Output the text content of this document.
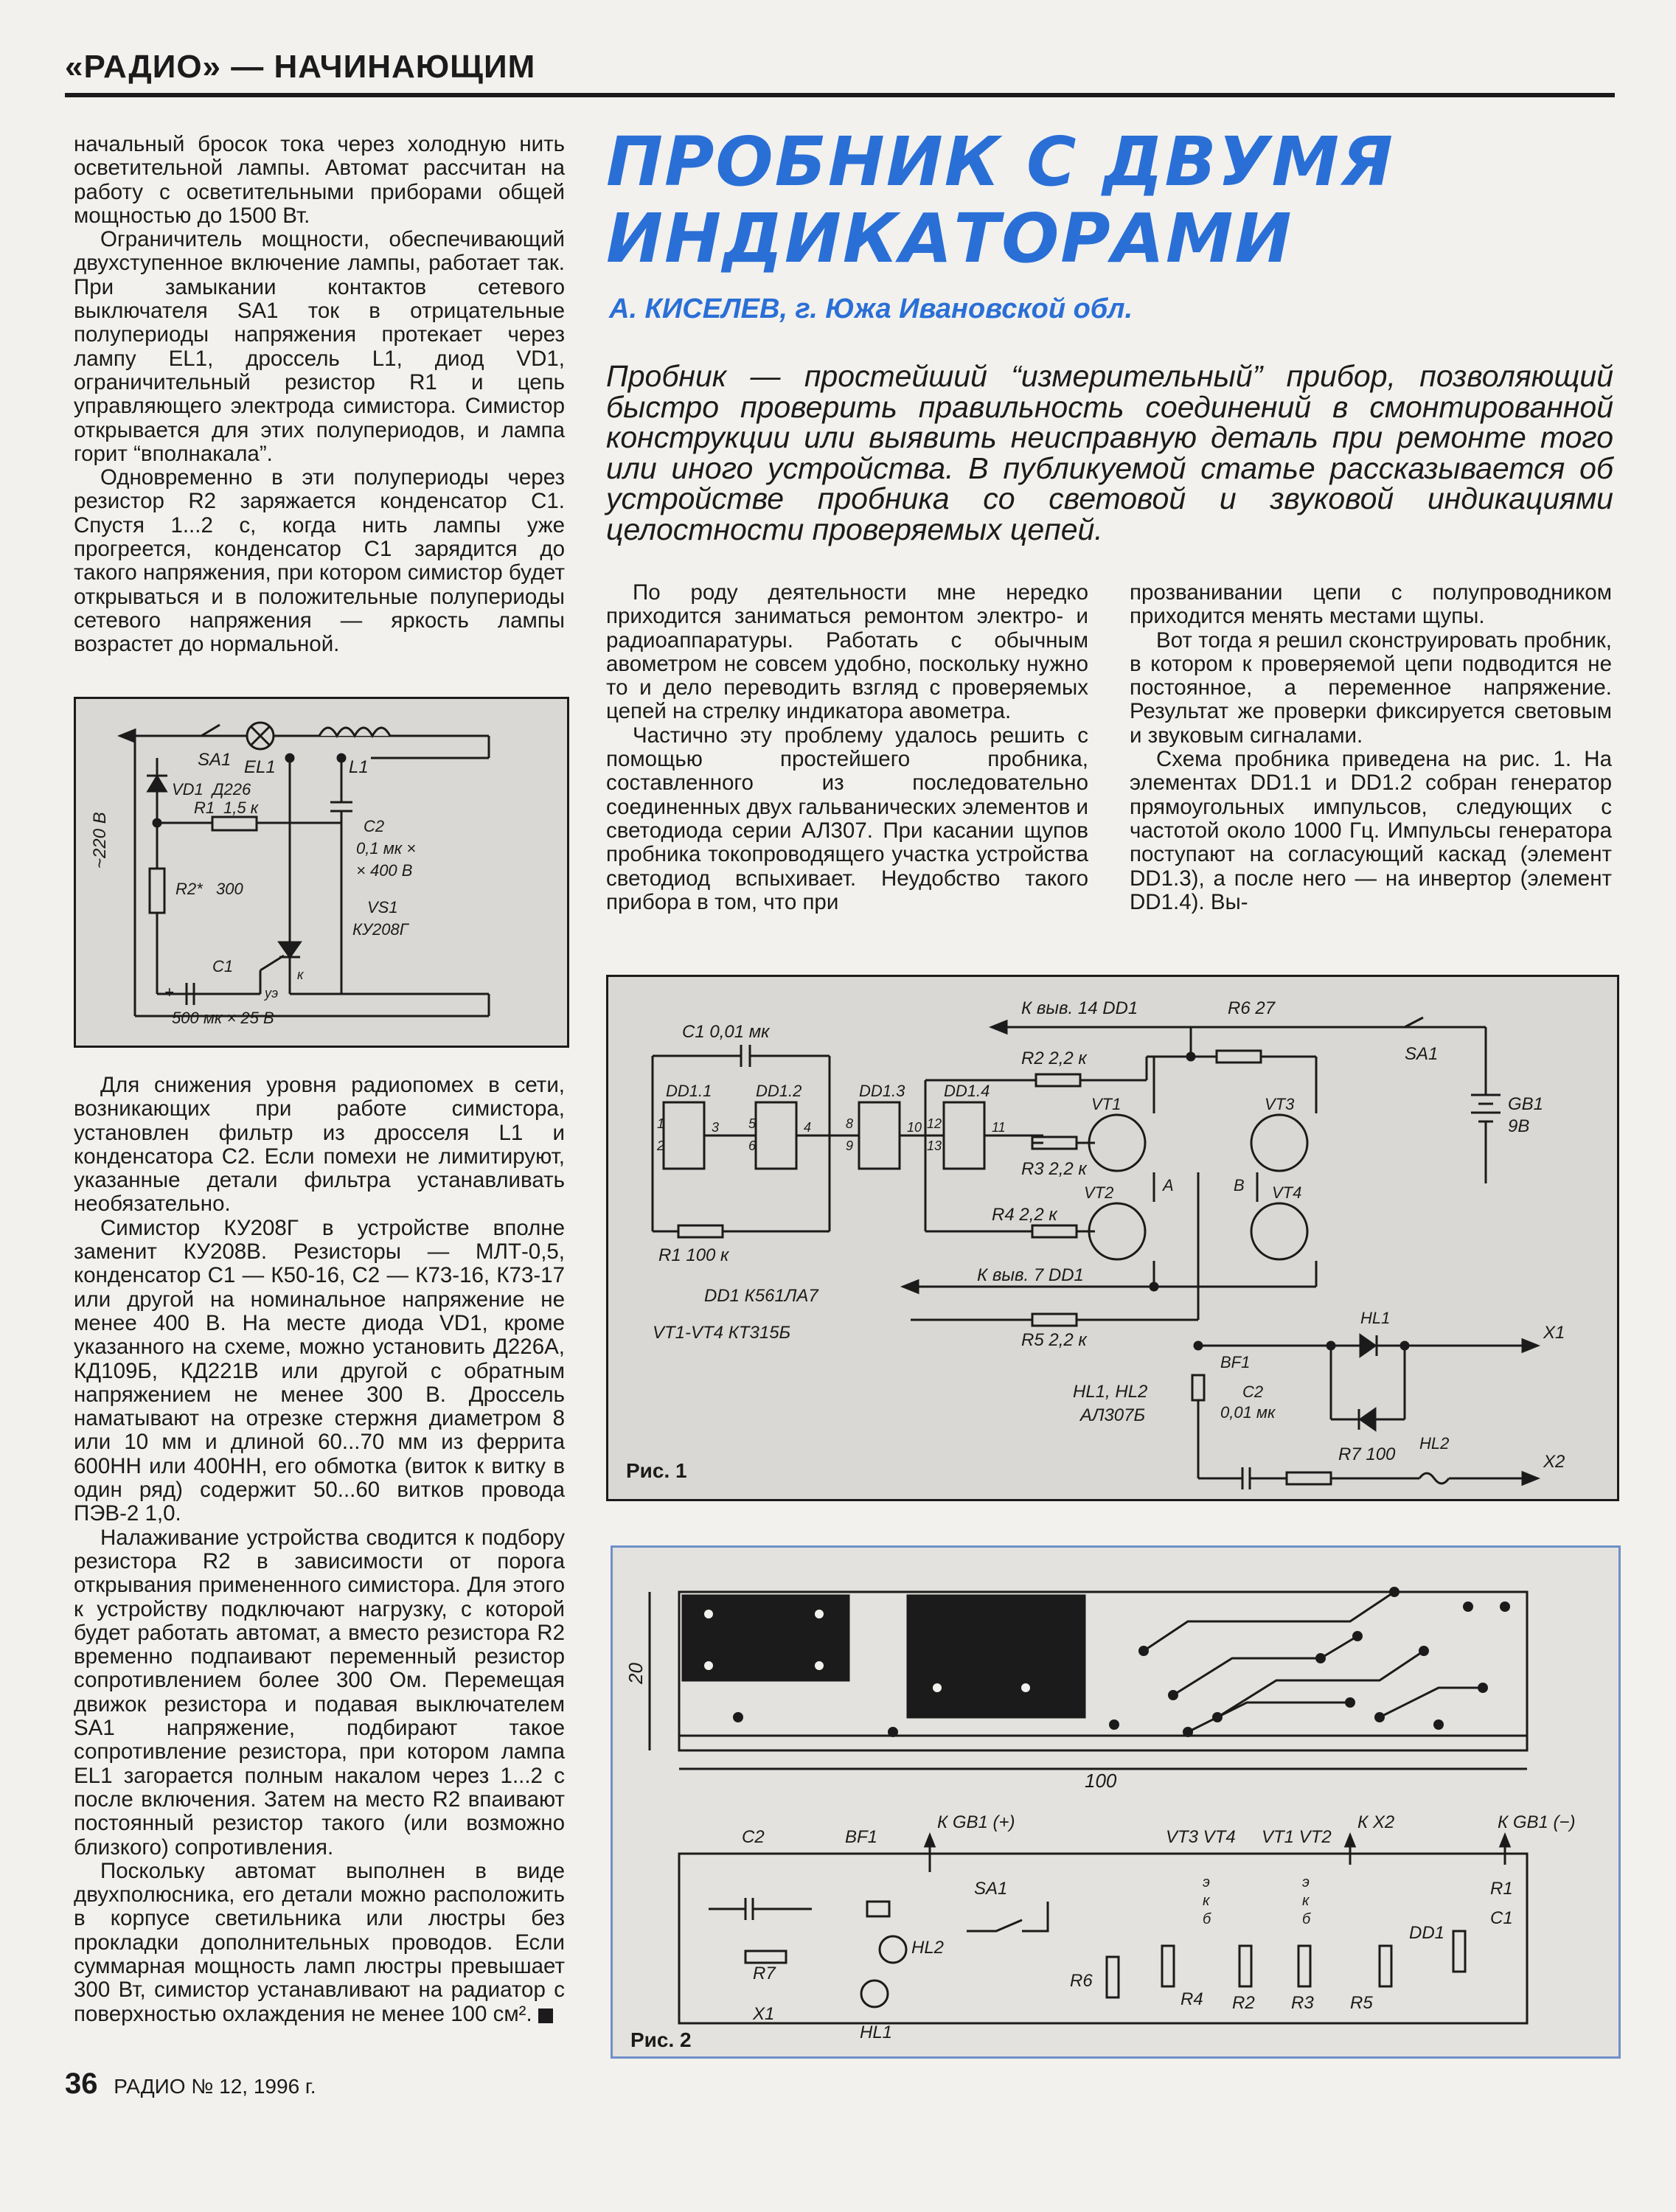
«РАДИО» — НАЧИНАЮЩИМ

начальный бросок тока через холодную нить осветительной лампы. Автомат рассчитан на работу с осветительными приборами общей мощностью до 1500 Вт.

Ограничитель мощности, обеспечивающий двухступенное включение лампы, работает так. При замыкании контактов сетевого выключателя SA1 ток в отрицательные полупериоды напряжения протекает через лампу EL1, дроссель L1, диод VD1, ограничительный резистор R1 и цепь управляющего электрода симистора. Симистор открывается для этих полупериодов, и лампа горит “вполнакала”.

Одновременно в эти полупериоды через резистор R2 заряжается конденсатор C1. Спустя 1...2 с, когда нить лампы уже прогреется, конденсатор C1 зарядится до такого напряжения, при котором симистор будет открываться и в положительные полупериоды сетевого напряжения — яркость лампы возрастет до нормальной.

SA1 EL1	L1
~220 В
VD1 Д226
R1 1,5 к
R2* 300
C2
0,1 мк ×
× 400 В
VS1
КУ208Г
C1
500 мк × 25 В
уэ
к
+

Для снижения уровня радиопомех в сети, возникающих при работе симистора, установлен фильтр из дросселя L1 и конденсатора C2. Если помехи не лимитируют, указанные детали фильтра устанавливать необязательно.

Симистор КУ208Г в устройстве вполне заменит КУ208В. Резисторы — МЛТ-0,5, конденсатор C1 — К50-16, C2 — К73-16, К73-17 или другой на номинальное напряжение не менее 400 В. На месте диода VD1, кроме указанного на схеме, можно установить Д226А, КД109Б, КД221В или другой с обратным напряжением не менее 300 В. Дроссель наматывают на отрезке стержня диаметром 8 или 10 мм и длиной 60...70 мм из феррита 600НН или 400НН, его обмотка (виток к витку в один ряд) содержит 50...60 витков провода ПЭВ-2 1,0.

Налаживание устройства сводится к подбору резистора R2 в зависимости от порога открывания примененного симистора. Для этого к устройству подключают нагрузку, с которой будет работать автомат, а вместо резистора R2 временно подпаивают переменный резистор сопротивлением более 300 Ом. Перемещая движок резистора и подавая выключателем SA1 напряжение, подбирают такое сопротивление резистора, при котором лампа EL1 загорается полным накалом через 1...2 с после включения. Затем на место R2 впаивают постоянный резистор такого (или возможно близкого) сопротивления.

Поскольку автомат выполнен в виде двухполюсника, его детали можно расположить в корпусе светильника или люстры без прокладки дополнительных проводов. Если суммарная мощность ламп люстры превышает 300 Вт, симистор устанавливают на радиатор с поверхностью охлаждения не менее 100 см².

ПРОБНИК С ДВУМЯ
ИНДИКАТОРАМИ
А. КИСЕЛЕВ, г. Южа Ивановской обл.
Пробник — простейший “измерительный” прибор, позволяющий быстро проверить правильность соединений в смонтированной конструкции или выявить неисправную деталь при ремонте того или иного устройства. В публикуемой статье рассказывается об устройстве пробника со световой и звуковой индикациями целостности проверяемых цепей.

По роду деятельности мне нередко приходится заниматься ремонтом электро- и радиоаппаратуры. Работать с обычным авометром не совсем удобно, поскольку нужно то и дело переводить взгляд с проверяемых цепей на стрелку индикатора авометра.

Частично эту проблему удалось решить с помощью простейшего пробника, составленного из последовательно соединенных двух гальванических элементов и светодиода серии АЛ307. При касании щупов пробника токопроводящего участка устройства светодиод вспыхивает. Неудобство такого прибора в том, что при

прозванивании цепи с полупроводником приходится менять местами щупы.

Вот тогда я решил сконструировать пробник, в котором к проверяемой цепи подводится не постоянное, а переменное напряжение. Результат же проверки фиксируется световым и звуковым сигналами.

Схема пробника приведена на рис. 1. На элементах DD1.1 и DD1.2 собран генератор прямоугольных импульсов, следующих с частотой около 1000 Гц. Импульсы генератора поступают на согласующий каскад (элемент DD1.3), а после него — на инвертор (элемент DD1.4). Вы-

C1 0,01 мк
К выв. 14 DD1	R6 27
R2 2,2 к	SA1
DD1.1	DD1.2	DD1.3 DD1.4
VT1
VT2
VT3
VT4
R3 2,2 к
R4 2,2 к
R5 2,2 к
R1 100 к
GB1
9В
А	В
К выв. 7 DD1
DD1 К561ЛА7
VT1-VT4 КТ315Б
HL1
HL2
HL1, HL2
АЛ307Б
BF1
C2
0,01 мк
R7 100
X1
X2
1
2
3 5
6
4	8
9
10 12
13
11
Рис. 1
100
20
C2	BF1
К GB1 (+)
VT3 VT4 VT1 VT2
К X2	К GB1 (−)
R7
X1
HL2
HL1
SA1
R6
R4 R2 R3 R5
DD1
R1
C1
э
к
б
э
к
б
Рис. 2
36 РАДИО № 12, 1996 г.
